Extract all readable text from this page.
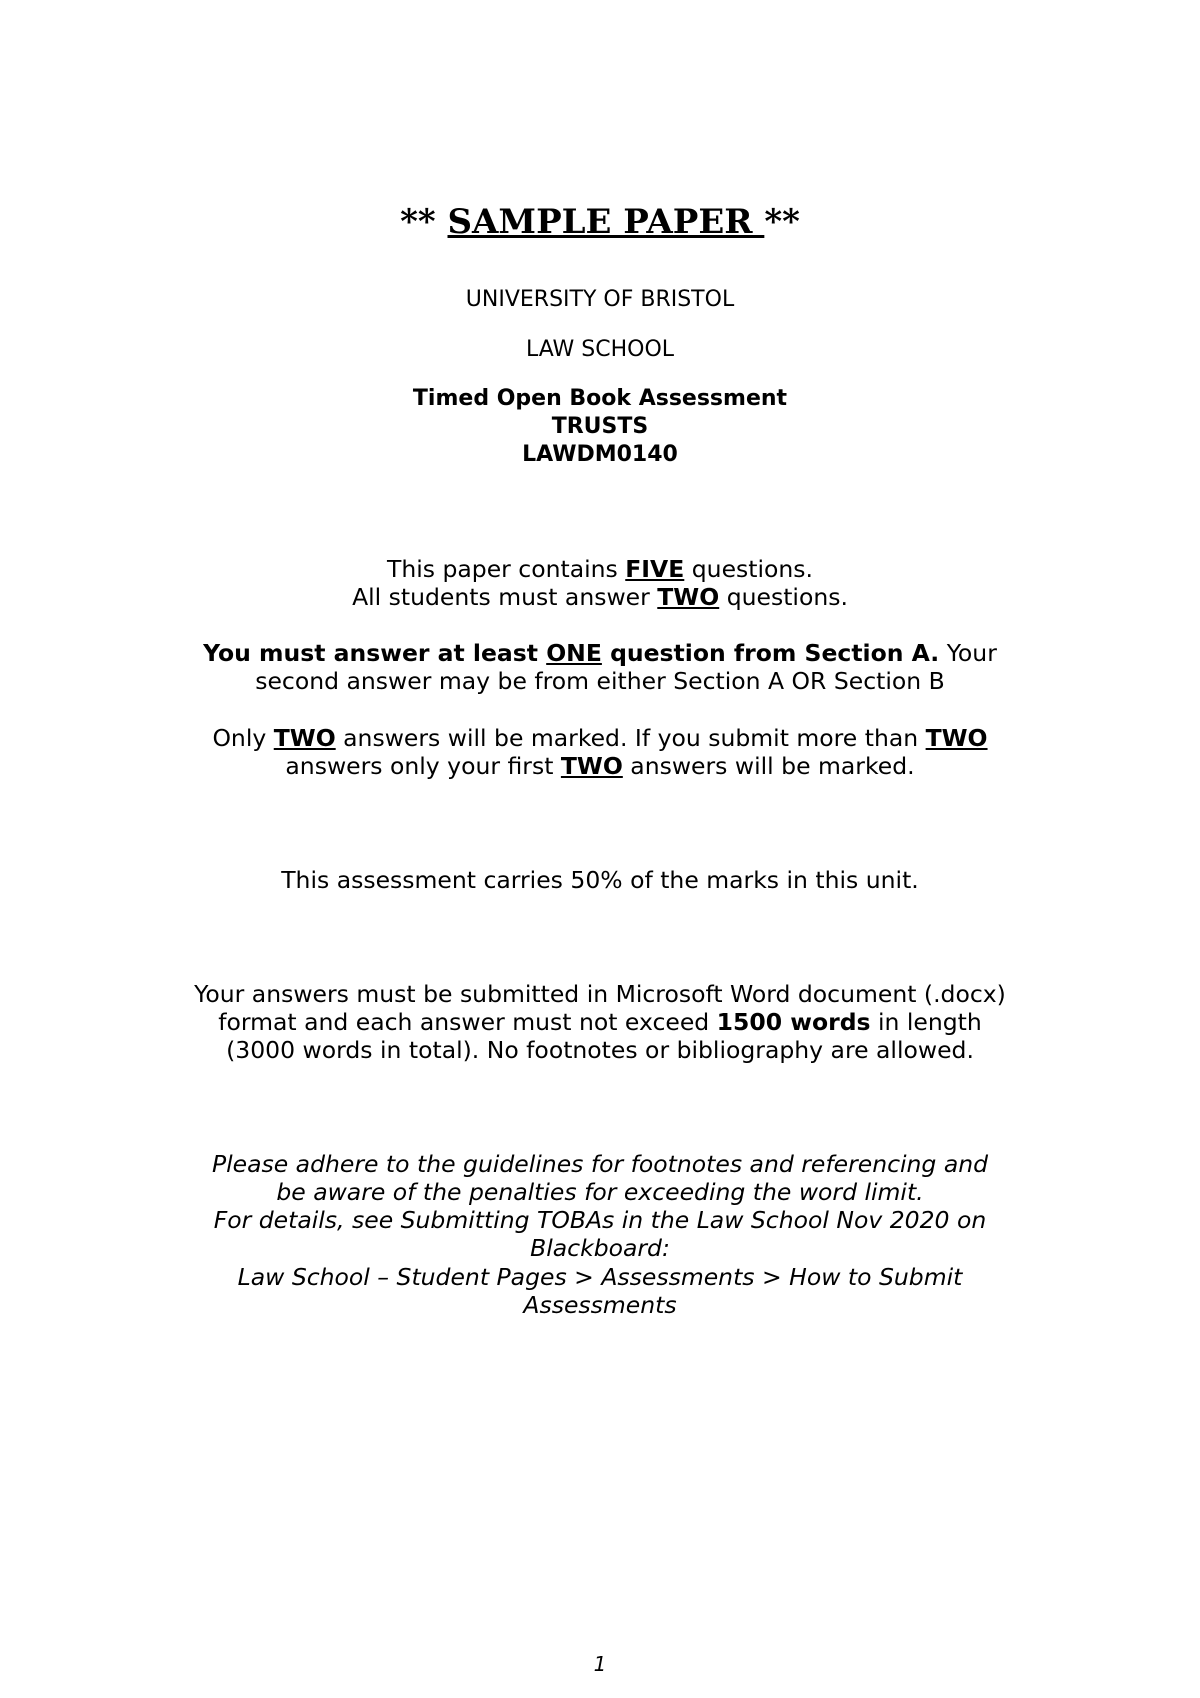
** SAMPLE PAPER **
UNIVERSITY OF BRISTOL
LAW SCHOOL
Timed Open Book Assessment
TRUSTS
LAWDM0140
This paper contains FIVE questions.
All students must answer TWO questions.
You must answer at least ONE question from Section A. Your
second answer may be from either Section A OR Section B
Only TWO answers will be marked. If you submit more than TWO
answers only your first TWO answers will be marked.
This assessment carries 50% of the marks in this unit.
Your answers must be submitted in Microsoft Word document (.docx)
format and each answer must not exceed 1500 words in length
(3000 words in total). No footnotes or bibliography are allowed.
Please adhere to the guidelines for footnotes and referencing and
be aware of the penalties for exceeding the word limit.
For details, see Submitting TOBAs in the Law School Nov 2020 on
Blackboard:
Law School – Student Pages > Assessments > How to Submit
Assessments
1
